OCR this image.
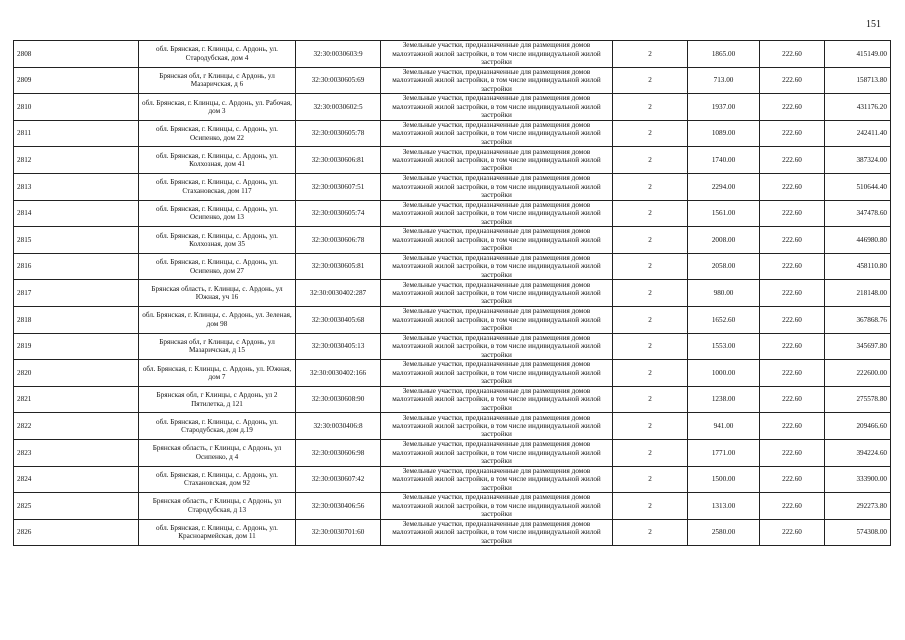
151
2808	обл. Брянская, г. Клинцы, с. Ардонь, ул. Стародубская, дом 4	32:30:0030603:9	Земельные участки, предназначенные для размещения домов малоэтажной жилой застройки, в том числе индивидуальной жилой застройки	2	1865.00	222.60	415149.00
2809	Брянская обл, г Клинцы, с Ардонь, ул Мазаричская, д 6	32:30:0030605:69	Земельные участки, предназначенные для размещения домов малоэтажной жилой застройки, в том числе индивидуальной жилой застройки	2	713.00	222.60	158713.80
2810	обл. Брянская, г. Клинцы, с. Ардонь, ул. Рабочая, дом 3	32:30:0030602:5	Земельные участки, предназначенные для размещения домов малоэтажной жилой застройки, в том числе индивидуальной жилой застройки	2	1937.00	222.60	431176.20
2811	обл. Брянская, г. Клинцы, с. Ардонь, ул. Осипенко, дом 22	32:30:0030605:78	Земельные участки, предназначенные для размещения домов малоэтажной жилой застройки, в том числе индивидуальной жилой застройки	2	1089.00	222.60	242411.40
2812	обл. Брянская, г. Клинцы, с. Ардонь, ул. Колхозная, дом 41	32:30:0030606:81	Земельные участки, предназначенные для размещения домов малоэтажной жилой застройки, в том числе индивидуальной жилой застройки	2	1740.00	222.60	387324.00
2813	обл. Брянская, г. Клинцы, с. Ардонь, ул. Стахановская, дом 117	32:30:0030607:51	Земельные участки, предназначенные для размещения домов малоэтажной жилой застройки, в том числе индивидуальной жилой застройки	2	2294.00	222.60	510644.40
2814	обл. Брянская, г. Клинцы, с. Ардонь, ул. Осипенко, дом 13	32:30:0030605:74	Земельные участки, предназначенные для размещения домов малоэтажной жилой застройки, в том числе индивидуальной жилой застройки	2	1561.00	222.60	347478.60
2815	обл. Брянская, г. Клинцы, с. Ардонь, ул. Колхозная, дом 35	32:30:0030606:78	Земельные участки, предназначенные для размещения домов малоэтажной жилой застройки, в том числе индивидуальной жилой застройки	2	2008.00	222.60	446980.80
2816	обл. Брянская, г. Клинцы, с. Ардонь, ул. Осипенко, дом 27	32:30:0030605:81	Земельные участки, предназначенные для размещения домов малоэтажной жилой застройки, в том числе индивидуальной жилой застройки	2	2058.00	222.60	458110.80
2817	Брянская область, г. Клинцы, с. Ардонь, ул Южная, уч 16	32:30:0030402:287	Земельные участки, предназначенные для размещения домов малоэтажной жилой застройки, в том числе индивидуальной жилой застройки	2	980.00	222.60	218148.00
2818	обл. Брянская, г. Клинцы, с. Ардонь, ул. Зеленая, дом 98	32:30:0030405:68	Земельные участки, предназначенные для размещения домов малоэтажной жилой застройки, в том числе индивидуальной жилой застройки	2	1652.60	222.60	367868.76
2819	Брянская обл, г Клинцы, с Ардонь, ул Мазаричская, д 15	32:30:0030405:13	Земельные участки, предназначенные для размещения домов малоэтажной жилой застройки, в том числе индивидуальной жилой застройки	2	1553.00	222.60	345697.80
2820	обл. Брянская, г. Клинцы, с. Ардонь, ул. Южная, дом 7	32:30:0030402:166	Земельные участки, предназначенные для размещения домов малоэтажной жилой застройки, в том числе индивидуальной жилой застройки	2	1000.00	222.60	222600.00
2821	Брянская обл, г Клинцы, с Ардонь, ул 2 Пятилетка, д 121	32:30:0030608:90	Земельные участки, предназначенные для размещения домов малоэтажной жилой застройки, в том числе индивидуальной жилой застройки	2	1238.00	222.60	275578.80
2822	обл. Брянская, г. Клинцы, с. Ардонь, ул. Стародубская, дом д.19	32:30:0030406:8	Земельные участки, предназначенные для размещения домов малоэтажной жилой застройки, в том числе индивидуальной жилой застройки	2	941.00	222.60	209466.60
2823	Брянская область, г Клинцы, с Ардонь, ул Осипенко, д 4	32:30:0030606:98	Земельные участки, предназначенные для размещения домов малоэтажной жилой застройки, в том числе индивидуальной жилой застройки	2	1771.00	222.60	394224.60
2824	обл. Брянская, г. Клинцы, с. Ардонь, ул. Стахановская, дом 92	32:30:0030607:42	Земельные участки, предназначенные для размещения домов малоэтажной жилой застройки, в том числе индивидуальной жилой застройки	2	1500.00	222.60	333900.00
2825	Брянская область, г Клинцы, с Ардонь, ул Стародубская, д 13	32:30:0030406:56	Земельные участки, предназначенные для размещения домов малоэтажной жилой застройки, в том числе индивидуальной жилой застройки	2	1313.00	222.60	292273.80
2826	обл. Брянская, г. Клинцы, с. Ардонь, ул. Красноармейская, дом 11	32:30:0030701:60	Земельные участки, предназначенные для размещения домов малоэтажной жилой застройки, в том числе индивидуальной жилой застройки	2	2580.00	222.60	574308.00
